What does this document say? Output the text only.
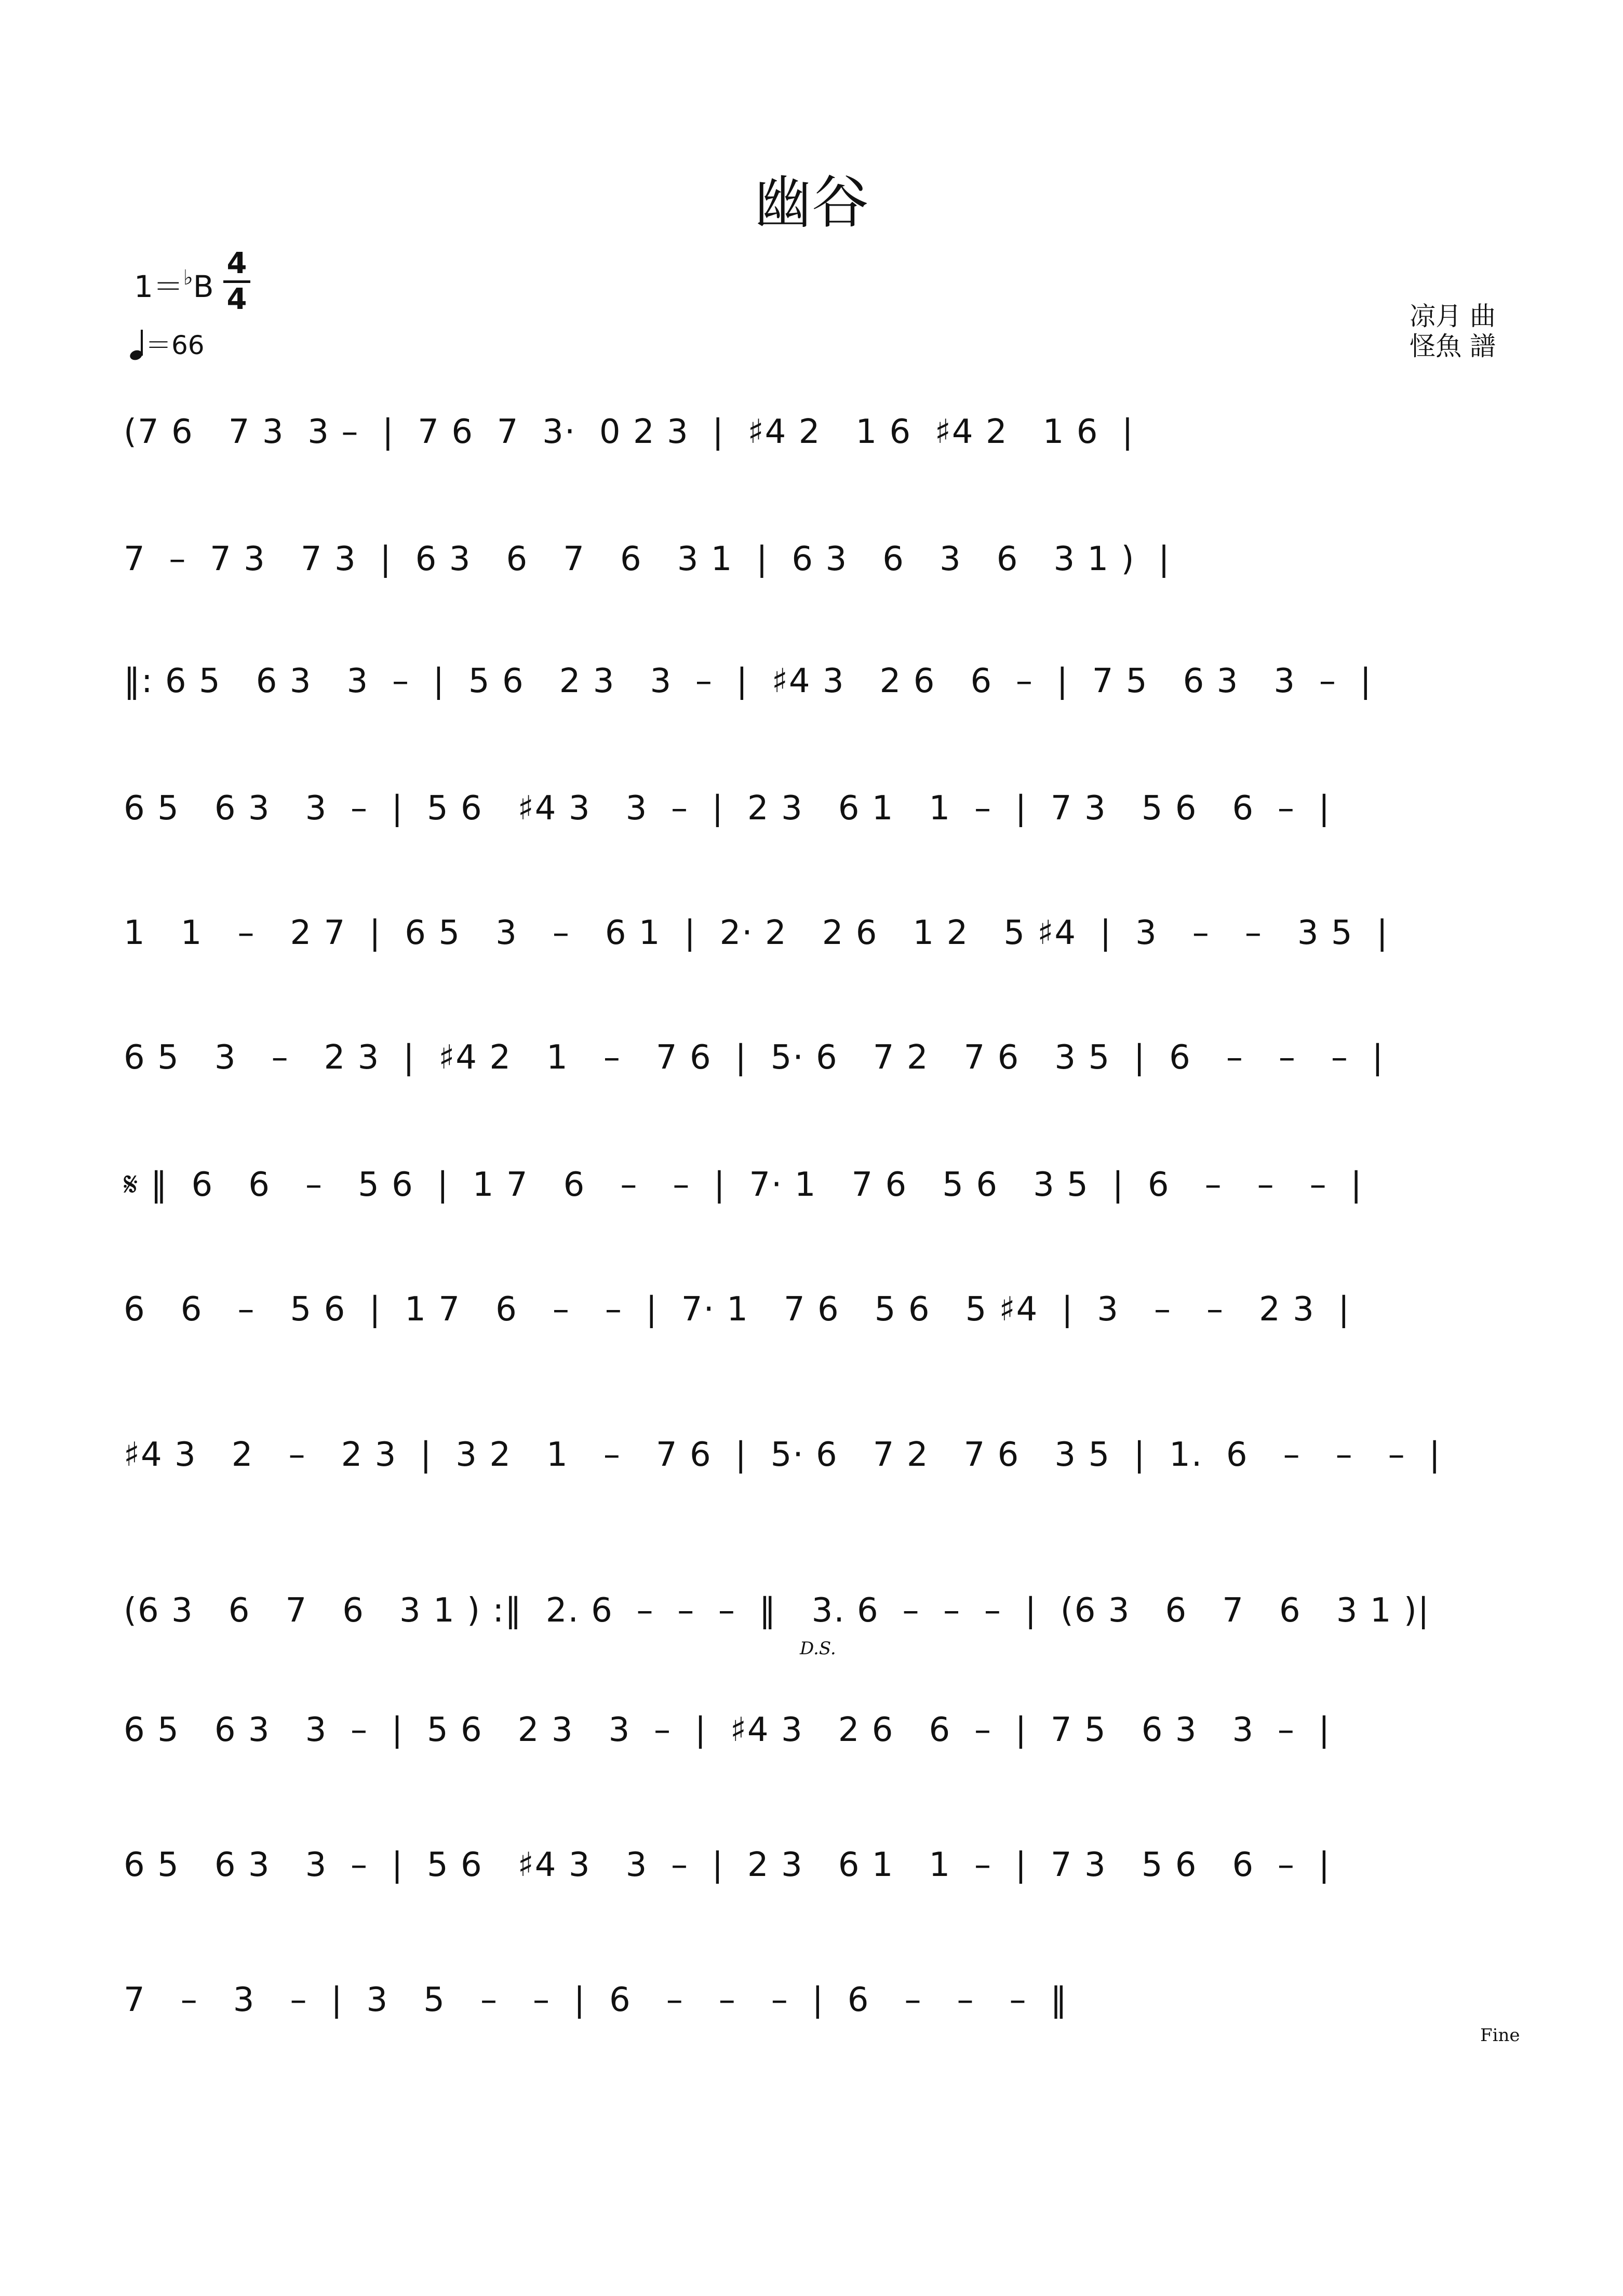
幽谷
1＝♭B
4
4
＝66
凉月 曲
怪魚 譜
(7 6   7 3  3 –  |  7 6  7  3·  0 2 3  |  ♯4 2   1 6  ♯4 2   1 6  |
7  –  7 3   7 3  |  6 3   6   7   6   3 1  |  6 3   6   3   6   3 1 )  |
‖: 6 5   6 3   3  –  |  5 6   2 3   3  –  |  ♯4 3   2 6   6  –  |  7 5   6 3   3  –  |
6 5   6 3   3  –  |  5 6   ♯4 3   3  –  |  2 3   6 1   1  –  |  7 3   5 6   6  –  |
1   1   –   2 7  |  6 5   3   –   6 1  |  2· 2   2 6   1 2   5 ♯4  |  3   –   –   3 5  |
6 5   3   –   2 3  |  ♯4 2   1   –   7 6  |  5· 6   7 2   7 6   3 5  |  6   –   –   –  |
𝄋 ‖  6   6   –   5 6  |  1 7   6   –   –  |  7· 1   7 6   5 6   3 5  |  6   –   –   –  |
6   6   –   5 6  |  1 7   6   –   –  |  7· 1   7 6   5 6   5 ♯4  |  3   –   –   2 3  |
♯4 3   2   –   2 3  |  3 2   1   –   7 6  |  5· 6   7 2   7 6   3 5  |  1.  6   –   –   –  |
(6 3   6   7   6   3 1 ) :‖  2. 6  –  –  –  ‖   3. 6  –  –  –  |  (6 3   6   7   6   3 1 )|
6 5   6 3   3  –  |  5 6   2 3   3  –  |  ♯4 3   2 6   6  –  |  7 5   6 3   3  –  |
6 5   6 3   3  –  |  5 6   ♯4 3   3  –  |  2 3   6 1   1  –  |  7 3   5 6   6  –  |
7   –   3   –  |  3   5   –   –  |  6   –   –   –  |  6   –   –   –  ‖
D.S.
Fine
